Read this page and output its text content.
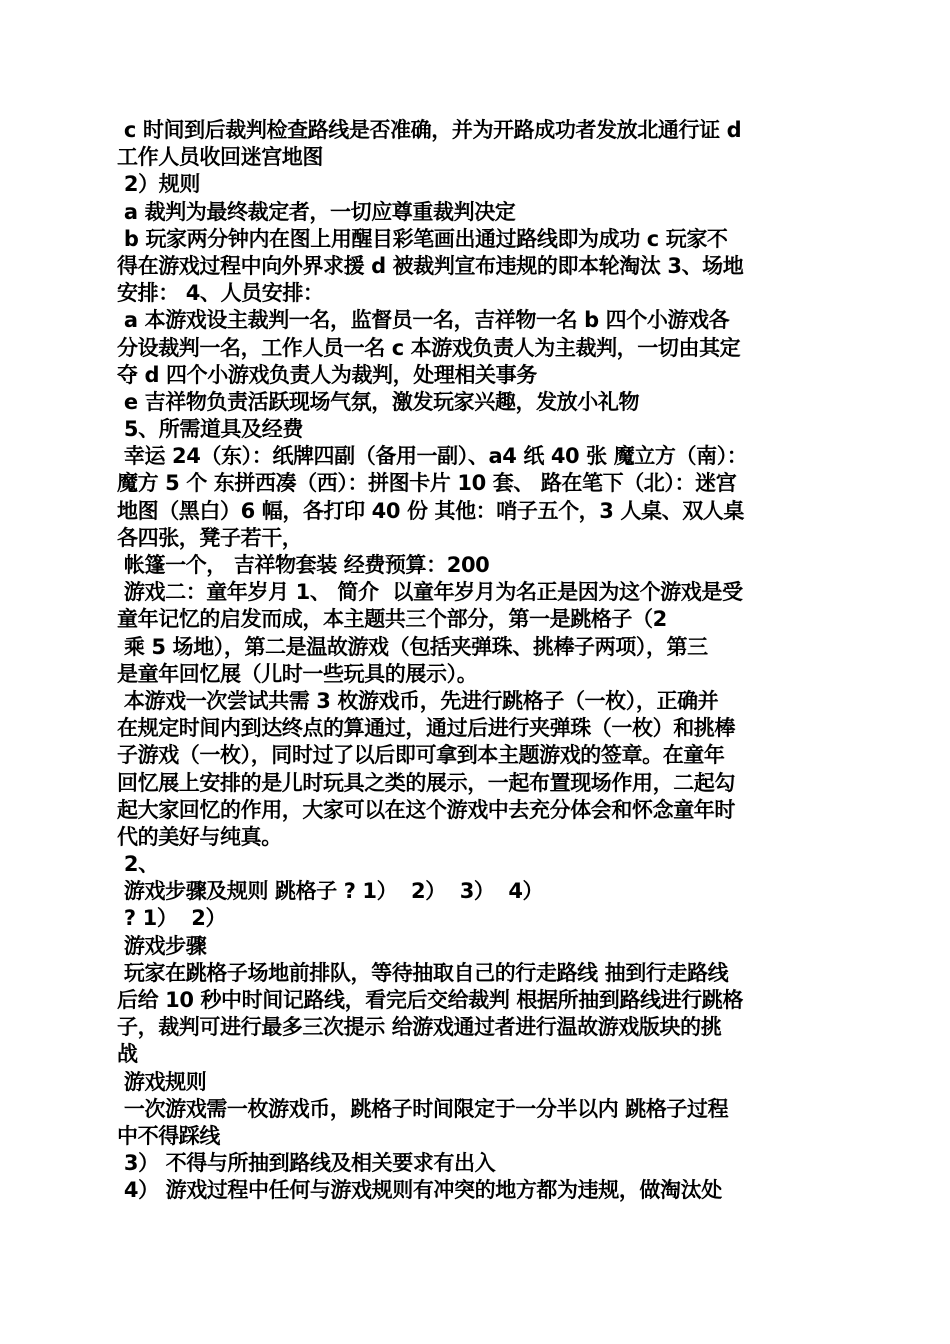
c 时间到后裁判检查路线是否准确，并为开路成功者发放北通行证 d
工作人员收回迷宫地图
2）规则
a 裁判为最终裁定者，一切应尊重裁判决定
b 玩家两分钟内在图上用醒目彩笔画出通过路线即为成功 c 玩家不
得在游戏过程中向外界求援 d 被裁判宣布违规的即本轮淘汰 3、场地
安排： 4、人员安排：
a 本游戏设主裁判一名，监督员一名，吉祥物一名 b 四个小游戏各
分设裁判一名，工作人员一名 c 本游戏负责人为主裁判，一切由其定
夺 d 四个小游戏负责人为裁判，处理相关事务
e 吉祥物负责活跃现场气氛，激发玩家兴趣，发放小礼物
5、所需道具及经费
幸运 24（东）：纸牌四副（备用一副）、a4 纸 40 张 魔立方（南）：
魔方 5 个 东拼西凑（西）：拼图卡片 10 套、 路在笔下（北）：迷宫
地图（黑白）6 幅，各打印 40 份 其他：哨子五个，3 人桌、双人桌
各四张，凳子若干，
帐篷一个， 吉祥物套装 经费预算：200
游戏二：童年岁月 1、 简介  以童年岁月为名正是因为这个游戏是受
童年记忆的启发而成，本主题共三个部分，第一是跳格子（2
乘 5 场地），第二是温故游戏（包括夹弹珠、挑棒子两项），第三
是童年回忆展（儿时一些玩具的展示）。
本游戏一次尝试共需 3 枚游戏币，先进行跳格子（一枚），正确并
在规定时间内到达终点的算通过，通过后进行夹弹珠（一枚）和挑棒
子游戏（一枚），同时过了以后即可拿到本主题游戏的签章。在童年
回忆展上安排的是儿时玩具之类的展示，一起布置现场作用，二起勾
起大家回忆的作用，大家可以在这个游戏中去充分体会和怀念童年时
代的美好与纯真。
2、
游戏步骤及规则 跳格子 ? 1）  2）  3）  4）
? 1）  2）
游戏步骤
玩家在跳格子场地前排队，等待抽取自己的行走路线 抽到行走路线
后给 10 秒中时间记路线，看完后交给裁判 根据所抽到路线进行跳格
子，裁判可进行最多三次提示 给游戏通过者进行温故游戏版块的挑
战
游戏规则
一次游戏需一枚游戏币，跳格子时间限定于一分半以内 跳格子过程
中不得踩线
3） 不得与所抽到路线及相关要求有出入
4） 游戏过程中任何与游戏规则有冲突的地方都为违规，做淘汰处
